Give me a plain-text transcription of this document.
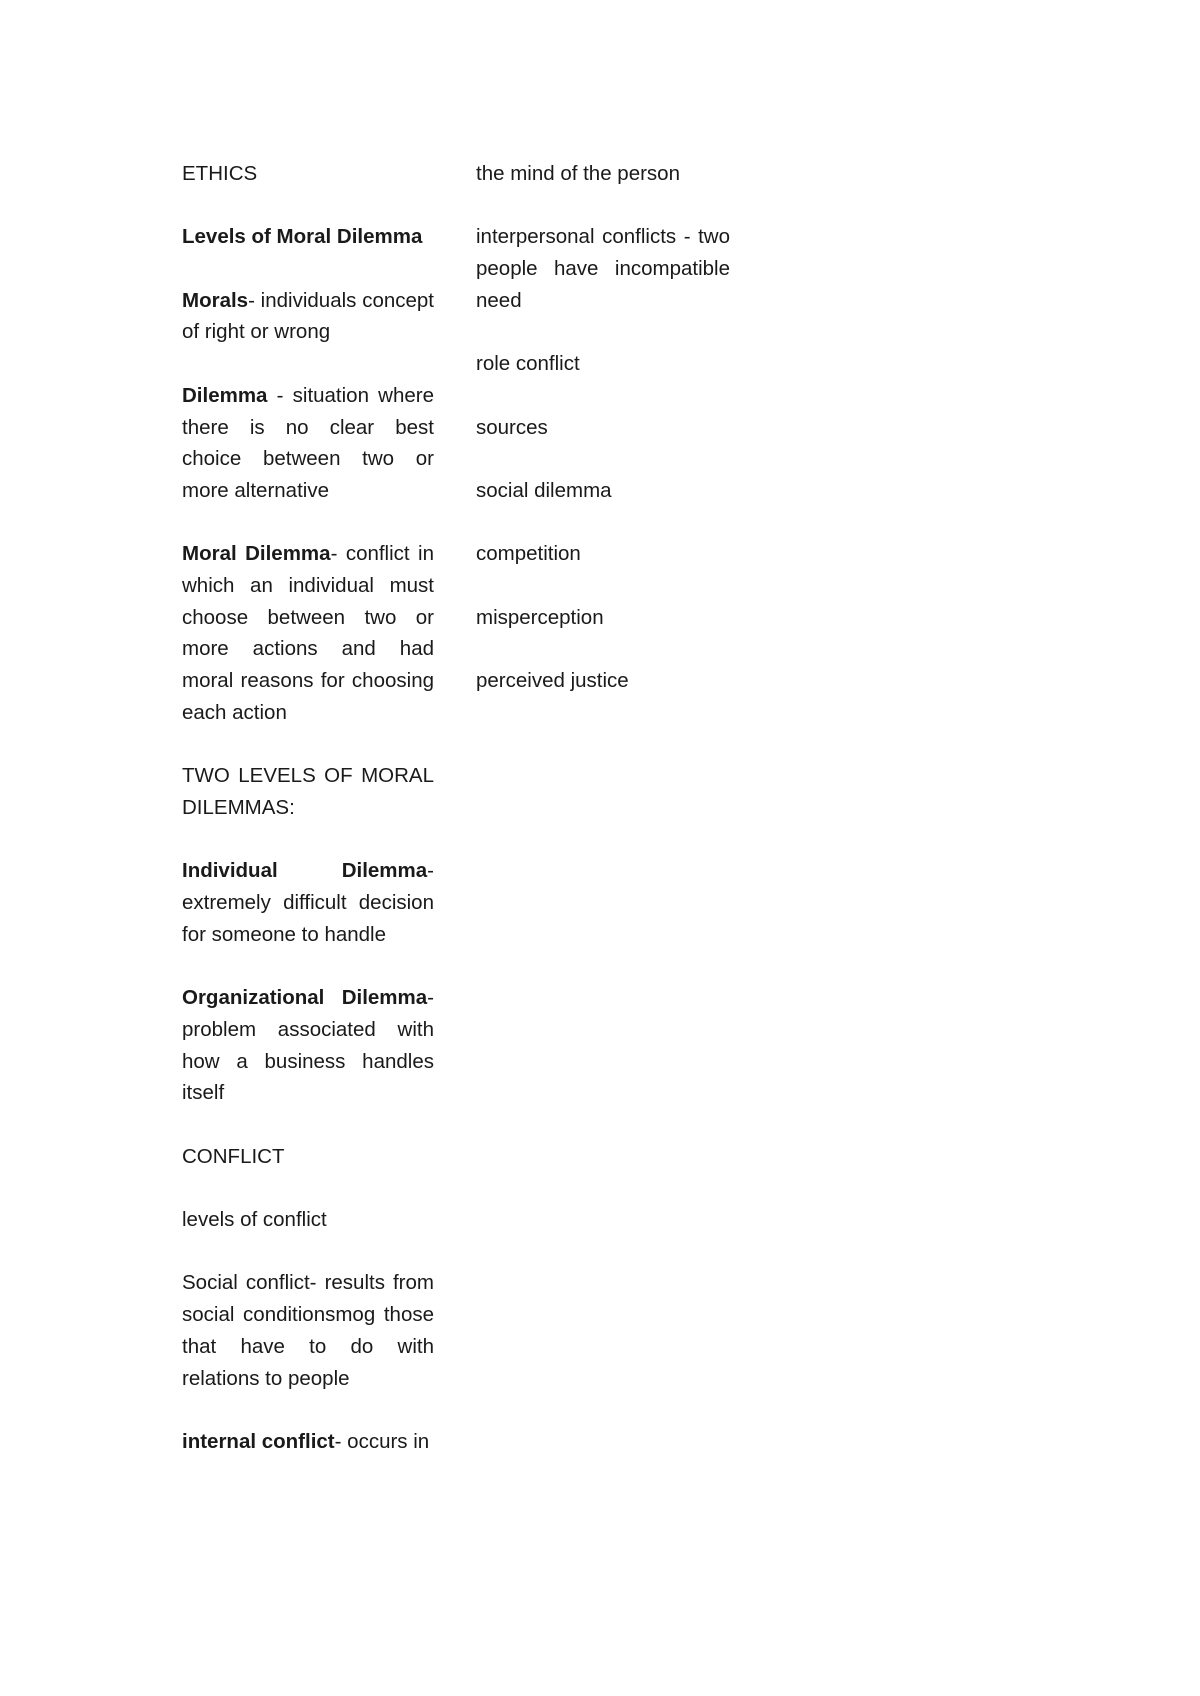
ETHICS

Levels of Moral Dilemma

Morals- individuals concept of right or wrong

Dilemma - situation where there is no clear best choice between two or more alternative

Moral Dilemma- conflict in which an individual must choose between two or more actions and had moral reasons for choosing each action

TWO LEVELS OF MORAL DILEMMAS:

Individual Dilemma- extremely difficult decision for someone to handle

Organizational Dilemma- problem associated with how a business handles itself

CONFLICT

levels of conflict

Social conflict- results from social conditionsmog those that have to do with relations to people

internal conflict- occurs in

the mind of the person

interpersonal conflicts - two people have incompatible need

role conflict

sources

social dilemma

competition

misperception

perceived justice
